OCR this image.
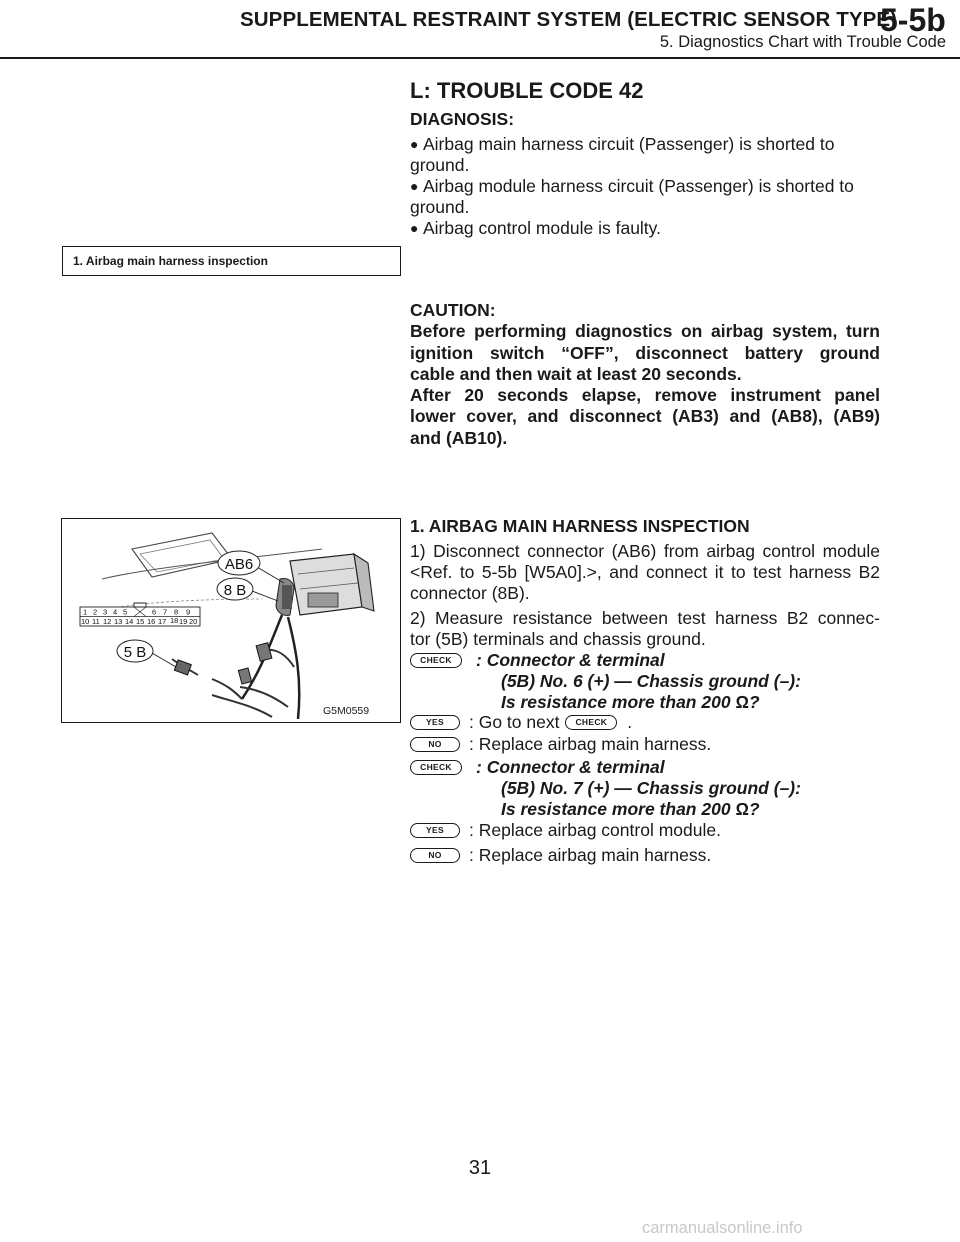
SUPPLEMENTAL RESTRAINT SYSTEM (ELECTRIC SENSOR TYPE)
5-5b
5. Diagnostics Chart with Trouble Code
L: TROUBLE CODE 42
DIAGNOSIS:
● Airbag main harness circuit (Passenger) is shorted to
ground.
● Airbag module harness circuit (Passenger) is shorted to
ground.
● Airbag control module is faulty.
1. Airbag main harness inspection
CAUTION:
Before performing diagnostics on airbag system, turn
ignition switch “OFF”, disconnect battery ground
cable and then wait at least 20 seconds.
After 20 seconds elapse, remove instrument panel
lower cover, and disconnect (AB3) and (AB8), (AB9)
and (AB10).
AB6
8 B
5 B
1 2 3 4 5	6 7 8 9
10 11 12 13 14 15 16 17 18 19 20
G5M0559
1. AIRBAG MAIN HARNESS INSPECTION
1) Disconnect connector (AB6) from airbag control module
<Ref. to 5-5b [W5A0].>, and connect it to test harness B2
connector (8B).
2) Measure resistance between test harness B2 connec-
tor (5B) terminals and chassis ground.
CHECK	: Connector & terminal
(5B) No. 6 (+) — Chassis ground (–):
Is resistance more than 200 Ω?
YES	: Go to next CHECK .
NO	: Replace airbag main harness.
CHECK	: Connector & terminal
(5B) No. 7 (+) — Chassis ground (–):
Is resistance more than 200 Ω?
YES	: Replace airbag control module.
NO	: Replace airbag main harness.
31
carmanualsonline.info
